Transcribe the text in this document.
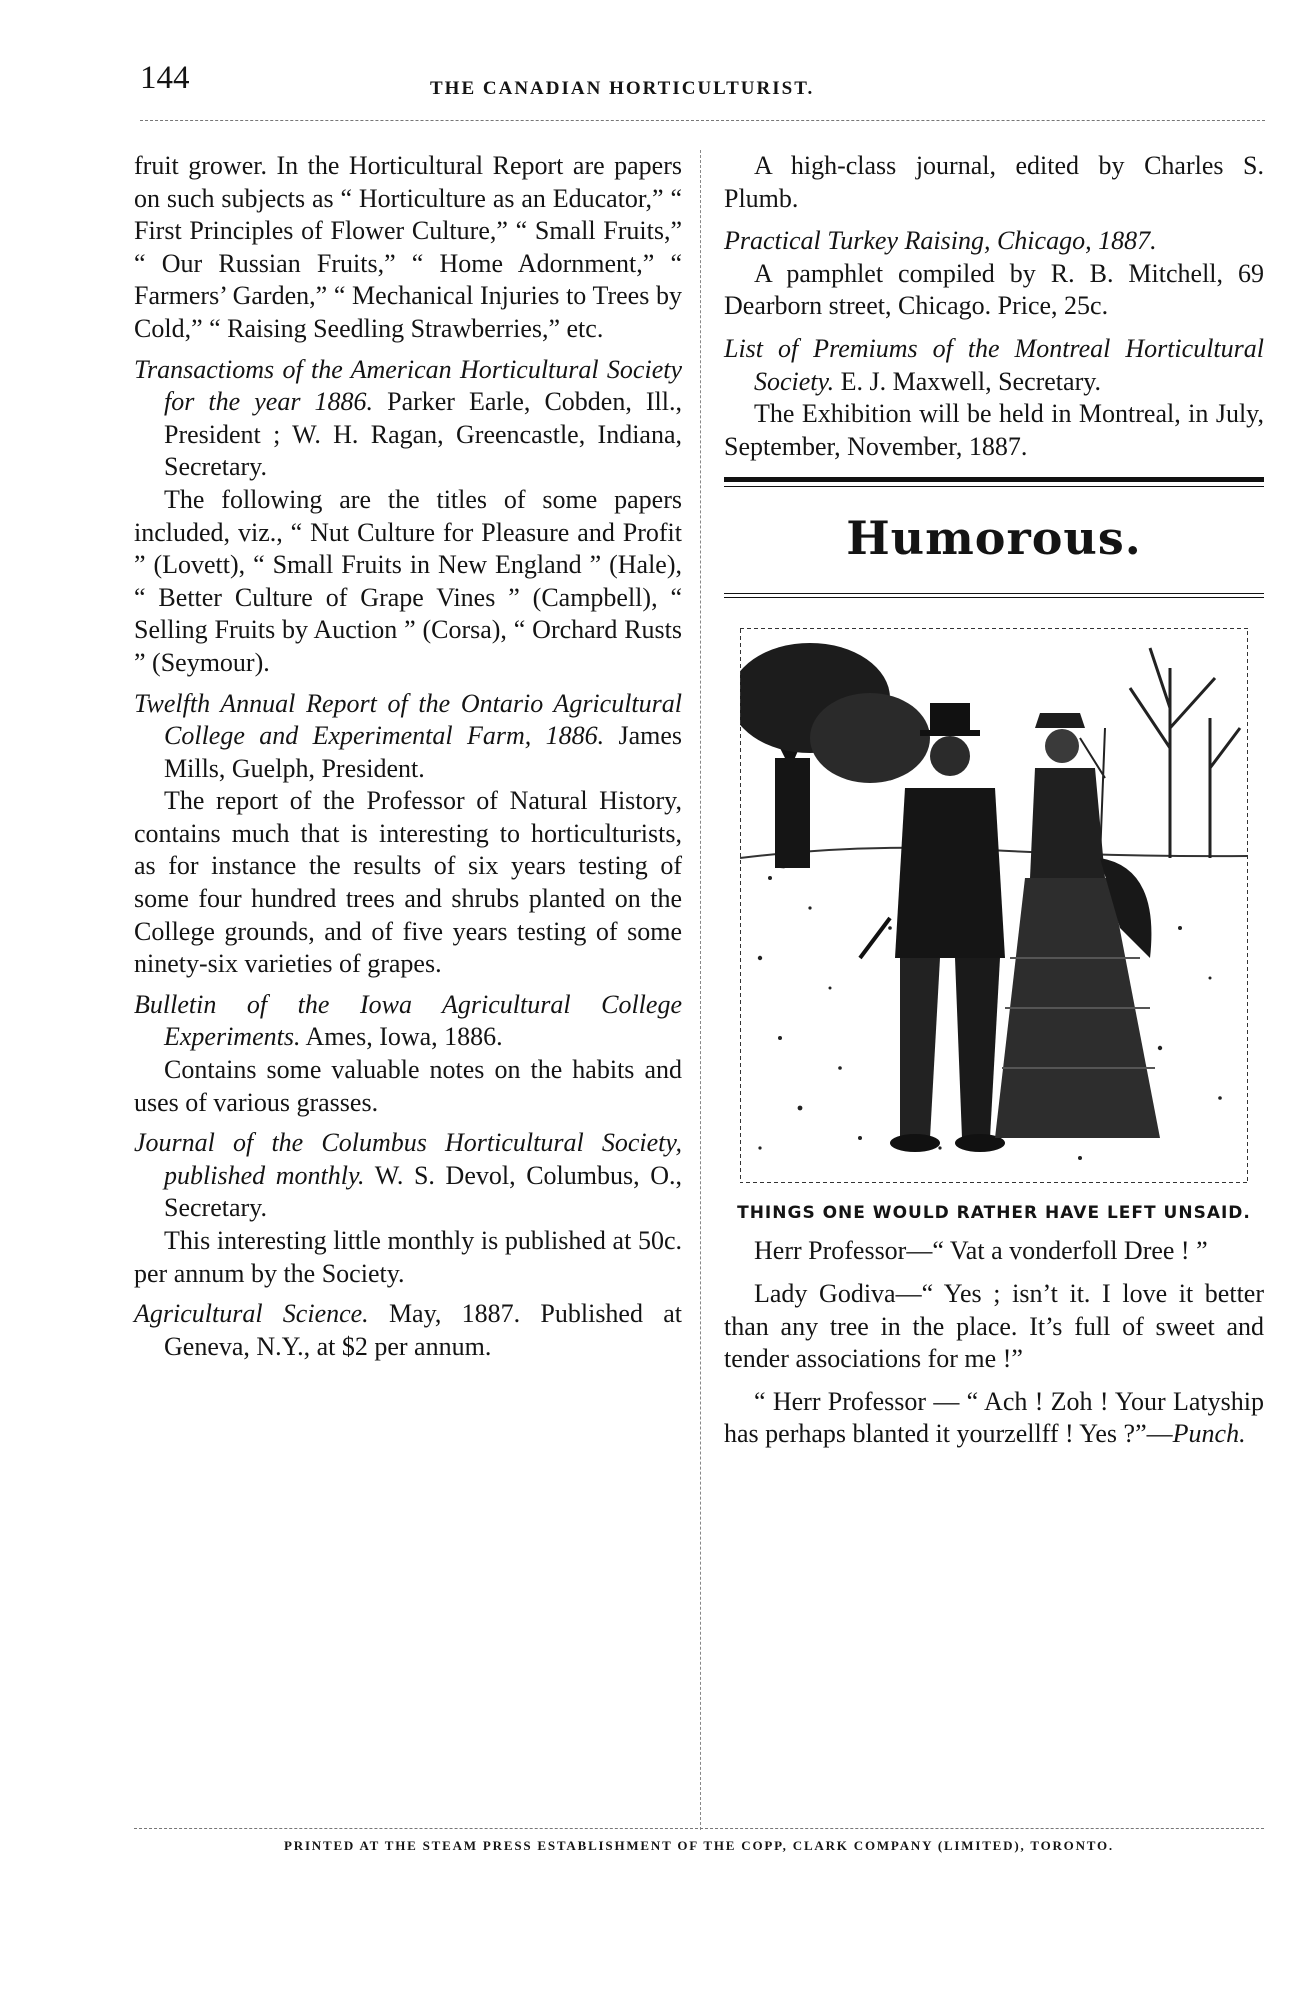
144	THE CANADIAN HORTICULTURIST.

fruit grower. In the Horticultural Report are papers on such subjects as “ Horticulture as an Educator,” “ First Principles of Flower Culture,” “ Small Fruits,” “ Our Russian Fruits,” “ Home Adornment,” “ Farmers’ Garden,” “ Mechanical Injuries to Trees by Cold,” “ Raising Seedling Strawberries,” etc.

Transactioms of the American Horticultural Society for the year 1886. Parker Earle, Cobden, Ill., President ; W. H. Ragan, Greencastle, Indiana, Secretary.

The following are the titles of some papers included, viz., “ Nut Culture for Pleasure and Profit ” (Lovett), “ Small Fruits in New England ” (Hale), “ Better Culture of Grape Vines ” (Campbell), “ Selling Fruits by Auction ” (Corsa), “ Orchard Rusts ” (Seymour).

Twelfth Annual Report of the Ontario Agricultural College and Experimental Farm, 1886. James Mills, Guelph, President.

The report of the Professor of Natural History, contains much that is interesting to horticulturists, as for instance the results of six years testing of some four hundred trees and shrubs planted on the College grounds, and of five years testing of some ninety-six varieties of grapes.

Bulletin of the Iowa Agricultural College Experiments. Ames, Iowa, 1886.

Contains some valuable notes on the habits and uses of various grasses.

Journal of the Columbus Horticultural Society, published monthly. W. S. Devol, Columbus, O., Secretary.

This interesting little monthly is published at 50c. per annum by the Society.

Agricultural Science. May, 1887. Published at Geneva, N.Y., at $2 per annum.

A high-class journal, edited by Charles S. Plumb.

Practical Turkey Raising, Chicago, 1887.

A pamphlet compiled by R. B. Mitchell, 69 Dearborn street, Chicago. Price, 25c.

List of Premiums of the Montreal Horticultural Society. E. J. Maxwell, Secretary.

The Exhibition will be held in Montreal, in July, September, November, 1887.

Humorous.

THINGS ONE WOULD RATHER HAVE LEFT UNSAID.

Herr Professor—“ Vat a vonderfoll Dree ! ”

Lady Godiva—“ Yes ; isn’t it. I love it better than any tree in the place. It’s full of sweet and tender associations for me !”

“ Herr Professor — “ Ach ! Zoh ! Your Latyship has perhaps blanted it yourzellff ! Yes ?”—Punch.

PRINTED AT THE STEAM PRESS ESTABLISHMENT OF THE COPP, CLARK COMPANY (LIMITED), TORONTO.
